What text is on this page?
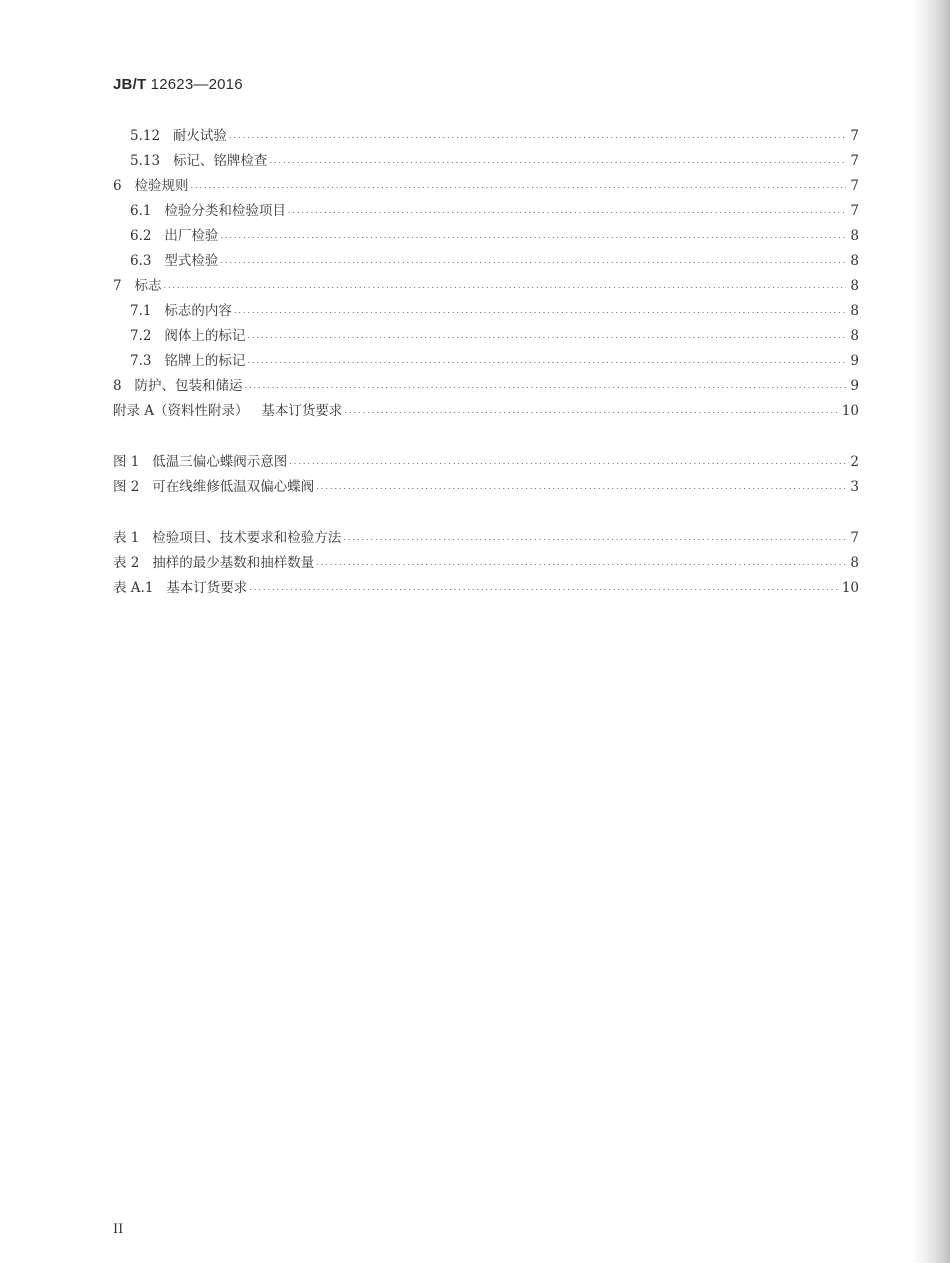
JB/T 12623—2016
5.12 耐火试验 .....	7
5.13 标记、铭牌检查 .....	7
6 检验规则 .....	7
6.1 检验分类和检验项目 .....	7
6.2 出厂检验 .....	8
6.3 型式检验 .....	8
7 标志 .....	8
7.1 标志的内容 .....	8
7.2 阀体上的标记 .....	8
7.3 铭牌上的标记 .....	9
8 防护、包装和储运 .....	9
附录 A（资料性附录） 基本订货要求 .....	10
图 1 低温三偏心蝶阀示意图 .....	2
图 2 可在线维修低温双偏心蝶阀 .....	3
表 1 检验项目、技术要求和检验方法 .....	7
表 2 抽样的最少基数和抽样数量 .....	8
表 A.1 基本订货要求 .....	10
II
